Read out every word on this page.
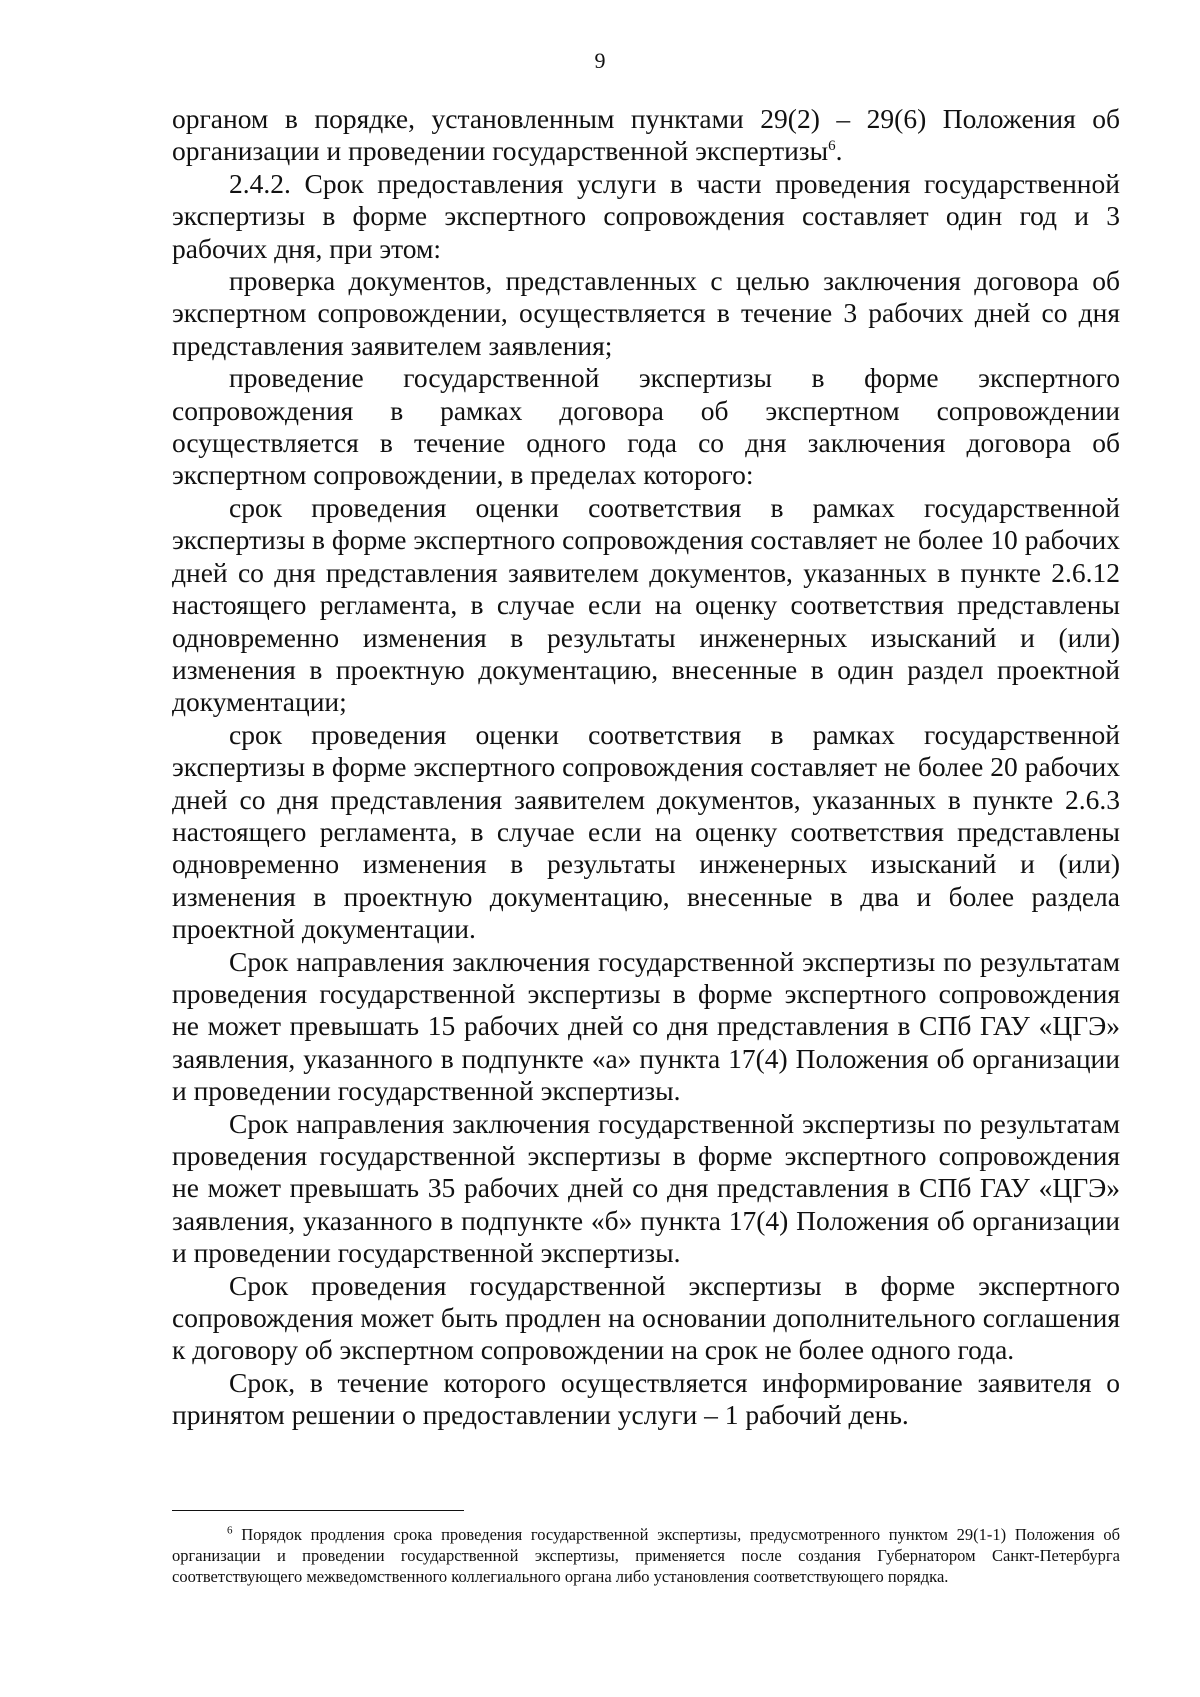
9

органом в порядке, установленным пунктами 29(2) – 29(6) Положения об организации и проведении государственной экспертизы$^6$.

2.4.2. Срок предоставления услуги в части проведения государственной экспертизы в форме экспертного сопровождения составляет один год и 3 рабочих дня, при этом:

проверка документов, представленных с целью заключения договора об экспертном сопровождении, осуществляется в течение 3 рабочих дней со дня представления заявителем заявления;

проведение государственной экспертизы в форме экспертного сопровождения в рамках договора об экспертном сопровождении осуществляется в течение одного года со дня заключения договора об экспертном сопровождении, в пределах которого:

срок проведения оценки соответствия в рамках государственной экспертизы в форме экспертного сопровождения составляет не более 10 рабочих дней со дня представления заявителем документов, указанных в пункте 2.6.12 настоящего регламента, в случае если на оценку соответствия представлены одновременно изменения в результаты инженерных изысканий и (или) изменения в проектную документацию, внесенные в один раздел проектной документации;

срок проведения оценки соответствия в рамках государственной экспертизы в форме экспертного сопровождения составляет не более 20 рабочих дней со дня представления заявителем документов, указанных в пункте 2.6.3 настоящего регламента, в случае если на оценку соответствия представлены одновременно изменения в результаты инженерных изысканий и (или) изменения в проектную документацию, внесенные в два и более раздела проектной документации.

Срок направления заключения государственной экспертизы по результатам проведения государственной экспертизы в форме экспертного сопровождения не может превышать 15 рабочих дней со дня представления в СПб ГАУ «ЦГЭ» заявления, указанного в подпункте «а» пункта 17(4) Положения об организации и проведении государственной экспертизы.

Срок направления заключения государственной экспертизы по результатам проведения государственной экспертизы в форме экспертного сопровождения не может превышать 35 рабочих дней со дня представления в СПб ГАУ «ЦГЭ» заявления, указанного в подпункте «б» пункта 17(4) Положения об организации и проведении государственной экспертизы.

Срок проведения государственной экспертизы в форме экспертного сопровождения может быть продлен на основании дополнительного соглашения к договору об экспертном сопровождении на срок не более одного года.

Срок, в течение которого осуществляется информирование заявителя о принятом решении о предоставлении услуги – 1 рабочий день.

$^6$ Порядок продления срока проведения государственной экспертизы, предусмотренного пунктом 29(1-1) Положения об организации и проведении государственной экспертизы, применяется после создания Губернатором Санкт-Петербурга соответствующего межведомственного коллегиального органа либо установления соответствующего порядка.
